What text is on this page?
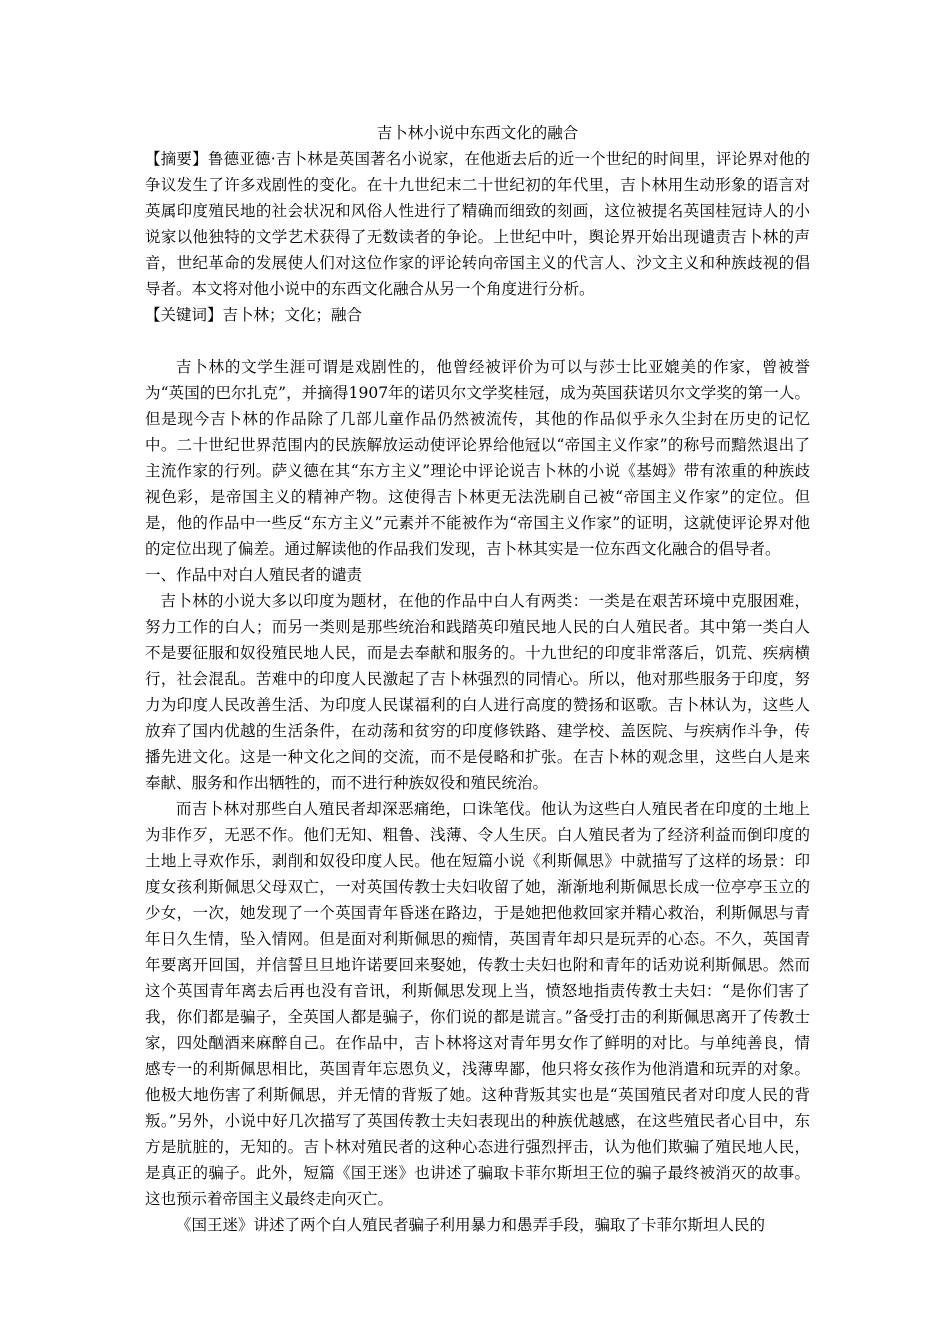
吉卜林小说中东西文化的融合

【摘要】鲁德亚德·吉卜林是英国著名小说家，在他逝去后的近一个世纪的时间里，评论界对他的争议发生了许多戏剧性的变化。在十九世纪末二十世纪初的年代里，吉卜林用生动形象的语言对英属印度殖民地的社会状况和风俗人性进行了精确而细致的刻画，这位被提名英国桂冠诗人的小说家以他独特的文学艺术获得了无数读者的争论。上世纪中叶，舆论界开始出现谴责吉卜林的声音，世纪革命的发展使人们对这位作家的评论转向帝国主义的代言人、沙文主义和种族歧视的倡导者。本文将对他小说中的东西文化融合从另一个角度进行分析。

【关键词】吉卜林；文化；融合

吉卜林的文学生涯可谓是戏剧性的，他曾经被评价为可以与莎士比亚媲美的作家，曾被誉为“英国的巴尔扎克”，并摘得1907年的诺贝尔文学奖桂冠，成为英国获诺贝尔文学奖的第一人。但是现今吉卜林的作品除了几部儿童作品仍然被流传，其他的作品似乎永久尘封在历史的记忆中。二十世纪世界范围内的民族解放运动使评论界给他冠以“帝国主义作家”的称号而黯然退出了主流作家的行列。萨义德在其“东方主义”理论中评论说吉卜林的小说《基姆》带有浓重的种族歧视色彩，是帝国主义的精神产物。这使得吉卜林更无法洗刷自己被“帝国主义作家”的定位。但是，他的作品中一些反“东方主义”元素并不能被作为“帝国主义作家”的证明，这就使评论界对他的定位出现了偏差。通过解读他的作品我们发现，吉卜林其实是一位东西文化融合的倡导者。

一、作品中对白人殖民者的谴责

吉卜林的小说大多以印度为题材，在他的作品中白人有两类：一类是在艰苦环境中克服困难，努力工作的白人；而另一类则是那些统治和践踏英印殖民地人民的白人殖民者。其中第一类白人不是要征服和奴役殖民地人民，而是去奉献和服务的。十九世纪的印度非常落后，饥荒、疾病横行，社会混乱。苦难中的印度人民激起了吉卜林强烈的同情心。所以，他对那些服务于印度，努力为印度人民改善生活、为印度人民谋福利的白人进行高度的赞扬和讴歌。吉卜林认为，这些人放弃了国内优越的生活条件，在动荡和贫穷的印度修铁路、建学校、盖医院、与疾病作斗争，传播先进文化。这是一种文化之间的交流，而不是侵略和扩张。在吉卜林的观念里，这些白人是来奉献、服务和作出牺牲的，而不进行种族奴役和殖民统治。

而吉卜林对那些白人殖民者却深恶痛绝，口诛笔伐。他认为这些白人殖民者在印度的土地上为非作歹，无恶不作。他们无知、粗鲁、浅薄、令人生厌。白人殖民者为了经济利益而倒印度的土地上寻欢作乐，剥削和奴役印度人民。他在短篇小说《利斯佩思》中就描写了这样的场景：印度女孩利斯佩思父母双亡，一对英国传教士夫妇收留了她，渐渐地利斯佩思长成一位亭亭玉立的少女，一次，她发现了一个英国青年昏迷在路边，于是她把他救回家并精心救治，利斯佩思与青年日久生情，坠入情网。但是面对利斯佩思的痴情，英国青年却只是玩弄的心态。不久，英国青年要离开回国，并信誓旦旦地许诺要回来娶她，传教士夫妇也附和青年的话劝说利斯佩思。然而这个英国青年离去后再也没有音讯，利斯佩思发现上当，愤怒地指责传教士夫妇：“是你们害了我，你们都是骗子，全英国人都是骗子，你们说的都是谎言。”备受打击的利斯佩思离开了传教士家，四处酗酒来麻醉自己。在作品中，吉卜林将这对青年男女作了鲜明的对比。与单纯善良，情感专一的利斯佩思相比，英国青年忘恩负义，浅薄卑鄙，他只将女孩作为他消遣和玩弄的对象。他极大地伤害了利斯佩思，并无情的背叛了她。这种背叛其实也是“英国殖民者对印度人民的背叛。”另外，小说中好几次描写了英国传教士夫妇表现出的种族优越感，在这些殖民者心目中，东方是肮脏的，无知的。吉卜林对殖民者的这种心态进行强烈抨击，认为他们欺骗了殖民地人民，是真正的骗子。此外，短篇《国王迷》也讲述了骗取卡菲尔斯坦王位的骗子最终被消灭的故事。这也预示着帝国主义最终走向灭亡。

《国王迷》讲述了两个白人殖民者骗子利用暴力和愚弄手段，骗取了卡菲尔斯坦人民的
